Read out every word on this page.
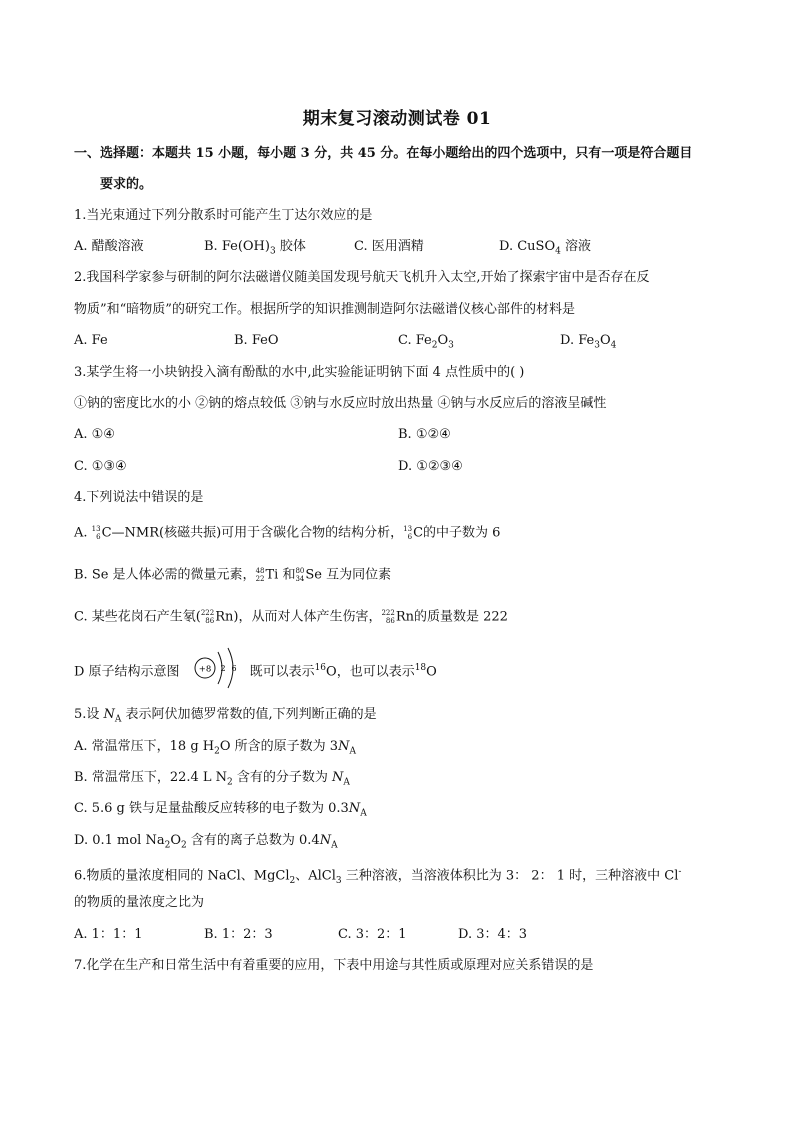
期末复习滚动测试卷 01
一、选择题：本题共 15 小题，每小题 3 分，共 45 分。在每小题给出的四个选项中，只有一项是符合题目
要求的。
1.当光束通过下列分散系时可能产生丁达尔效应的是
A. 醋酸溶液	B. $Fe(OH)_3$ 胶体	C. 医用酒精	D. CuSO$_4$ 溶液
2.我国科学家参与研制的阿尔法磁谱仪随美国发现号航天飞机升入太空,开始了探索宇宙中是否存在反
物质”和“暗物质”的研究工作。根据所学的知识推测制造阿尔法磁谱仪核心部件的材料是
A. Fe	B. FeO	C. $Fe_2O_3$	D. $Fe_3O_4$
3.某学生将一小块钠投入滴有酚酞的水中,此实验能证明钠下面 4 点性质中的( )
①钠的密度比水的小 ②钠的熔点较低 ③钠与水反应时放出热量 ④钠与水反应后的溶液呈碱性
A. ①④	B. ①②④
C. ①③④	D. ①②③④
4.下列说法中错误的是
A. 13
6 C—NMR(核磁共振)可用于含碳化合物的结构分析， 13
6 C的中子数为 6
B. Se 是人体必需的微量元素， 48
22 Ti 和 80
34 Se 互为同位素
C. 某些花岗石产生氡( 222
86 Rn)，从而对人体产生伤害， 222
86 Rn的质量数是 222
D 原子结构示意图	既可以表示$^{16}$O，也可以表示$^{18}$O
+8 2 6
5.设 $N_A$ 表示阿伏加德罗常数的值,下列判断正确的是
A. 常温常压下，18 g $H_2O$ 所含的原子数为 $3N_A$
B. 常温常压下，22.4 L $N_2$ 含有的分子数为 $N_A$
C. 5.6 g 铁与足量盐酸反应转移的电子数为 $0.3N_A$
D. 0.1 mol $Na_2O_2$ 含有的离子总数为 $0.4N_A$
6.物质的量浓度相同的 NaCl、MgCl$_2$、AlCl$_3$ 三种溶液，当溶液体积比为 3： 2： 1 时，三种溶液中 Cl-
的物质的量浓度之比为
A. 1：1：1	B. 1：2：3	C. 3：2：1	D. 3：4：3
7.化学在生产和日常生活中有着重要的应用，下表中用途与其性质或原理对应关系错误的是
